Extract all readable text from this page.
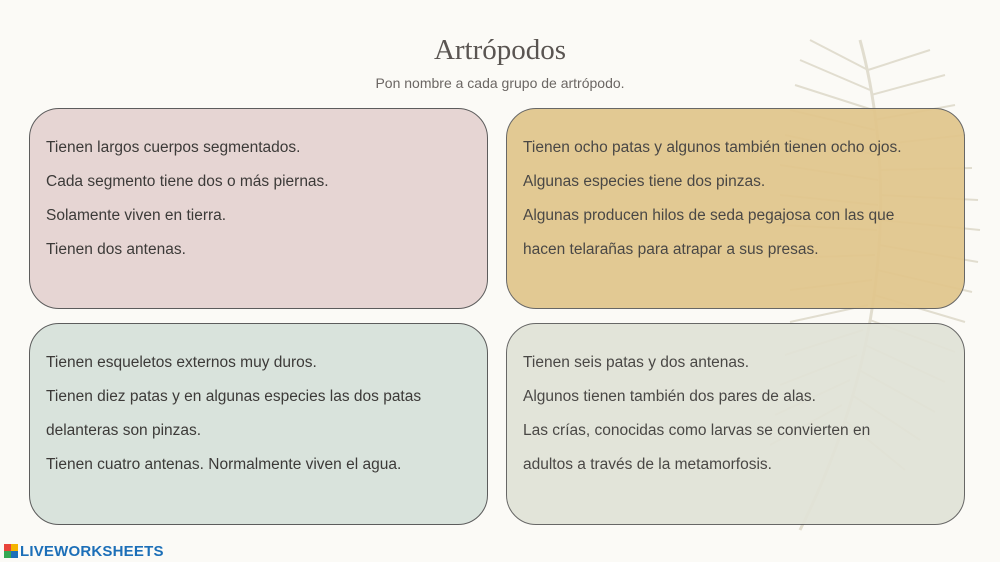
Artrópodos
Pon nombre a cada grupo de artrópodo.
Tienen largos cuerpos segmentados.
Cada segmento tiene dos o más piernas.
Solamente viven en tierra.
Tienen dos antenas.
Tienen ocho patas y algunos también tienen ocho ojos.
Algunas especies tiene dos pinzas.
Algunas producen hilos de seda pegajosa con las que
hacen telarañas para atrapar a sus presas.
Tienen esqueletos externos muy duros.
Tienen diez patas y en algunas especies las dos patas
delanteras son pinzas.
Tienen cuatro antenas. Normalmente viven el agua.
Tienen seis patas y dos antenas.
Algunos tienen también dos pares de alas.
Las crías, conocidas como larvas se convierten en
adultos a través de la metamorfosis.
LIVEWORKSHEETS
